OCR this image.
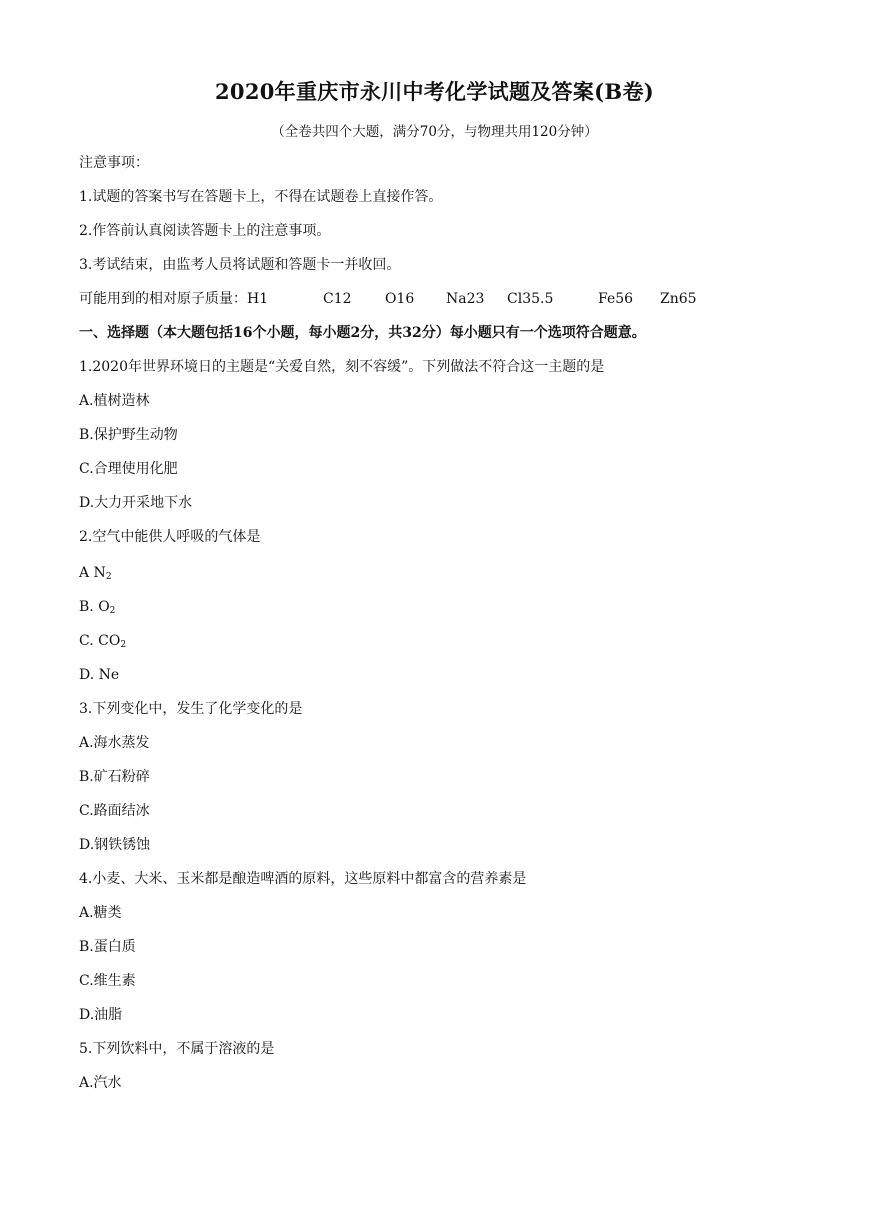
2020年重庆市永川中考化学试题及答案(B卷)
（全卷共四个大题，满分70分，与物理共用120分钟）
注意事项：
1.试题的答案书写在答题卡上，不得在试题卷上直接作答。
2.作答前认真阅读答题卡上的注意事项。
3.考试结束，由监考人员将试题和答题卡一并收回。
可能用到的相对原子质量：H1	C12 O16 Na23 Cl35.5	Fe56 Zn65
一、选择题（本大题包括16个小题，每小题2分，共32分）每小题只有一个选项符合题意。
1.2020年世界环境日的主题是“关爱自然，刻不容缓”。下列做法不符合这一主题的是
A.植树造林
B.保护野生动物
C.合理使用化肥
D.大力开采地下水
2.空气中能供人呼吸的气体是
A $N_2$
B. $O_2$
C. $CO_2$
D. Ne
3.下列变化中，发生了化学变化的是
A.海水蒸发
B.矿石粉碎
C.路面结冰
D.钢铁锈蚀
4.小麦、大米、玉米都是酿造啤酒的原料，这些原料中都富含的营养素是
A.糖类
B.蛋白质
C.维生素
D.油脂
5.下列饮料中，不属于溶液的是
A.汽水
